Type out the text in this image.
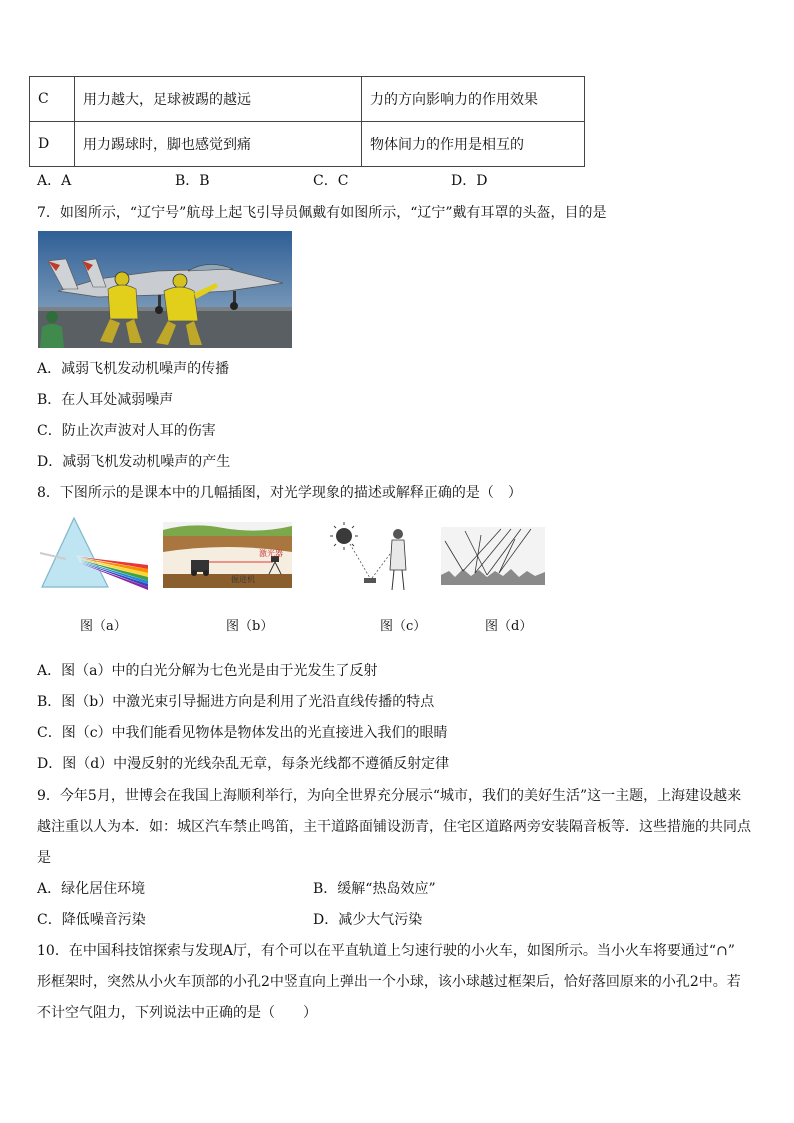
C	用力越大，足球被踢的越远	力的方向影响力的作用效果
D	用力踢球时，脚也感觉到痛	物体间力的作用是相互的
A．A	B．B	C．C	D．D
7．如图所示，“辽宁号”航母上起飞引导员佩戴有如图所示，“辽宁”戴有耳罩的头盔，目的是
A．减弱飞机发动机噪声的传播
B．在人耳处减弱噪声
C．防止次声波对人耳的伤害
D．减弱飞机发动机噪声的产生
8．下图所示的是课本中的几幅插图，对光学现象的描述或解释正确的是（　）
激光器
掘进机
图（a）	图（b）	图（c）	图（d）
A．图（a）中的白光分解为七色光是由于光发生了反射
B．图（b）中激光束引导掘进方向是利用了光沿直线传播的特点
C．图（c）中我们能看见物体是物体发出的光直接进入我们的眼睛
D．图（d）中漫反射的光线杂乱无章，每条光线都不遵循反射定律
9．今年5月，世博会在我国上海顺利举行，为向全世界充分展示“城市，我们的美好生活”这一主题，上海建设越来
越注重以人为本．如：城区汽车禁止鸣笛，主干道路面铺设沥青，住宅区道路两旁安装隔音板等．这些措施的共同点
是
A．绿化居住环境	B．缓解“热岛效应”
C．降低噪音污染	D．减少大气污染
10．在中国科技馆探索与发现A厅，有个可以在平直轨道上匀速行驶的小火车，如图所示。当小火车将要通过“∩”
形框架时，突然从小火车顶部的小孔2中竖直向上弹出一个小球，该小球越过框架后，恰好落回原来的小孔2中。若
不计空气阻力，下列说法中正确的是（　　）
